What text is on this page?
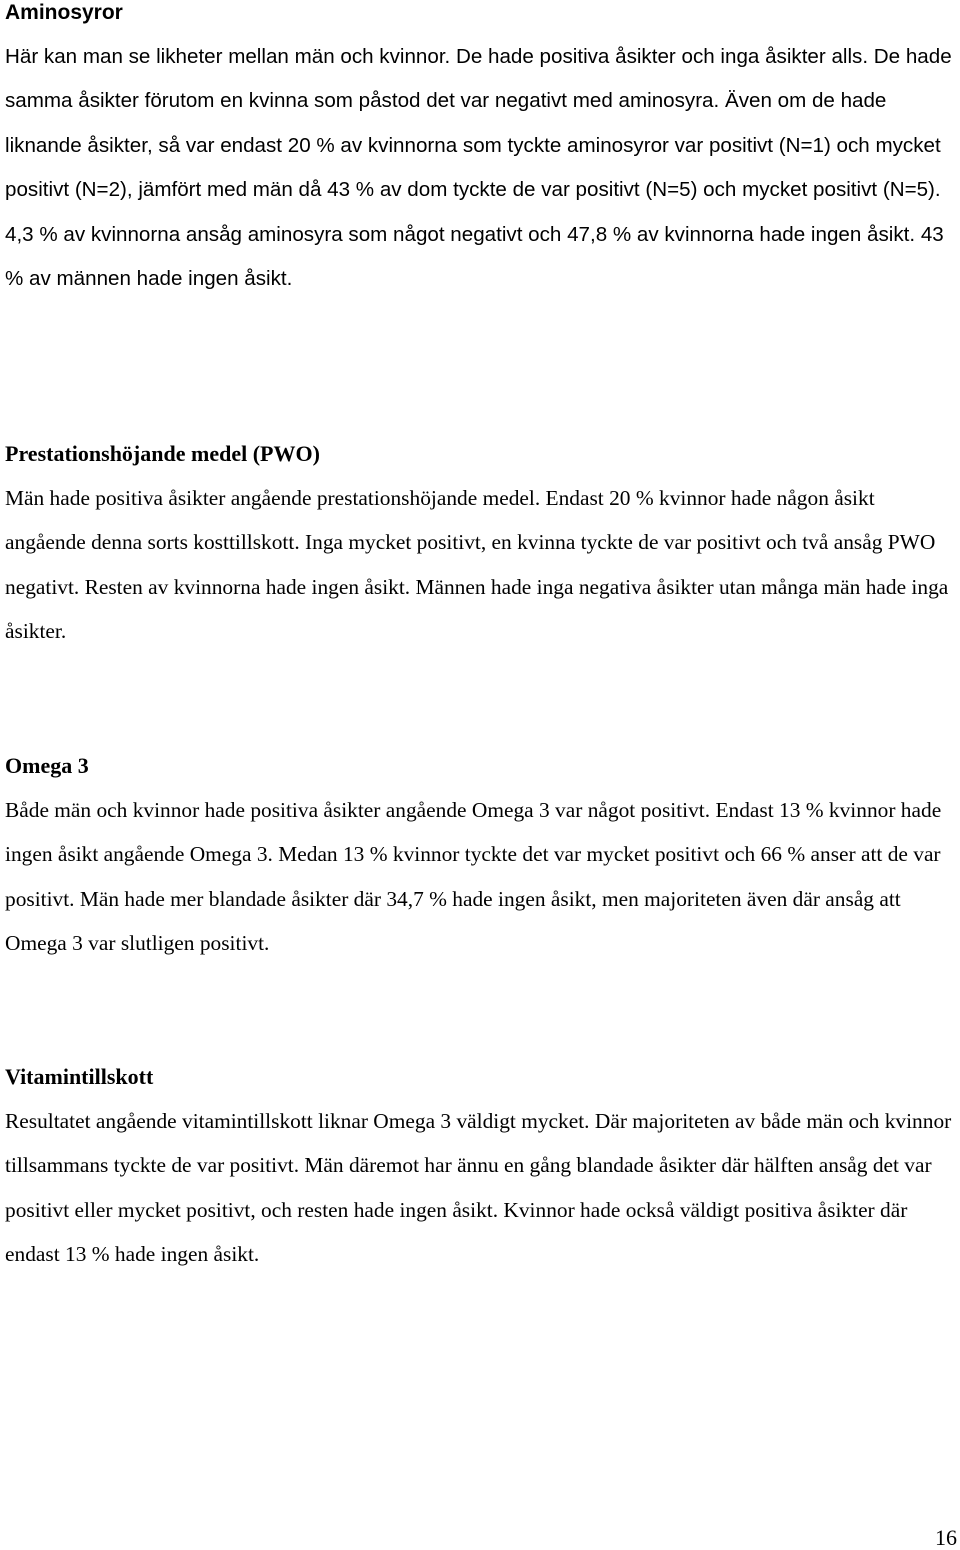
Aminosyror

Här kan man se likheter mellan män och kvinnor. De hade positiva åsikter och inga åsikter alls. De hade samma åsikter förutom en kvinna som påstod det var negativt med aminosyra. Även om de hade liknande åsikter, så var endast 20 % av kvinnorna som tyckte aminosyror var positivt (N=1) och mycket positivt (N=2), jämfört med män då 43 % av dom tyckte de var positivt (N=5) och mycket positivt (N=5).

4,3 % av kvinnorna ansåg aminosyra som något negativt och 47,8 % av kvinnorna hade ingen åsikt. 43 % av männen hade ingen åsikt.

Prestationshöjande medel (PWO)

Män hade positiva åsikter angående prestationshöjande medel. Endast 20 % kvinnor hade någon åsikt angående denna sorts kosttillskott. Inga mycket positivt, en kvinna tyckte de var positivt och två ansåg PWO negativt. Resten av kvinnorna hade ingen åsikt. Männen hade inga negativa åsikter utan många män hade inga åsikter.

Omega 3

Både män och kvinnor hade positiva åsikter angående Omega 3 var något positivt. Endast 13 % kvinnor hade ingen åsikt angående Omega 3. Medan 13 % kvinnor tyckte det var mycket positivt och 66 % anser att de var positivt. Män hade mer blandade åsikter där 34,7 % hade ingen åsikt, men majoriteten även där ansåg att Omega 3 var slutligen positivt.

Vitamintillskott

Resultatet angående vitamintillskott liknar Omega 3 väldigt mycket. Där majoriteten av både män och kvinnor tillsammans tyckte de var positivt. Män däremot har ännu en gång blandade åsikter där hälften ansåg det var positivt eller mycket positivt, och resten hade ingen åsikt. Kvinnor hade också väldigt positiva åsikter där endast 13 % hade ingen åsikt.

16
